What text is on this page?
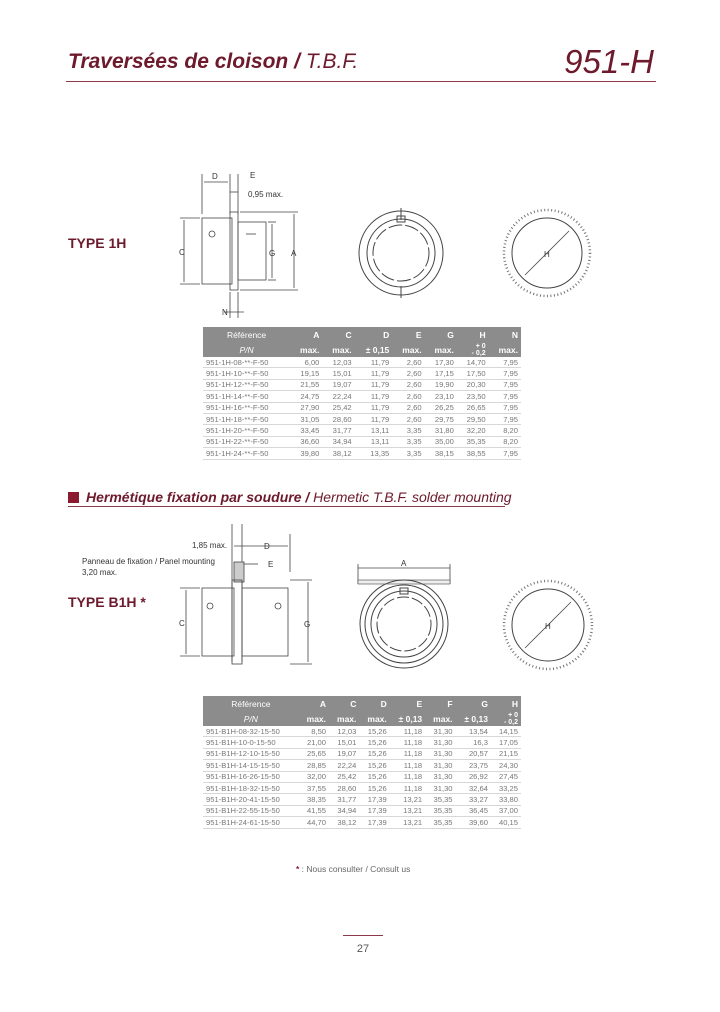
Traversées de cloison / T.B.F.	951-H
TYPE 1H
D	E
0,95 max.
C	G A
N
H
Référence	A	C	D	E	G	H	N
P/N	max.	max.	± 0,15	max.	max.	+ 0
- 0,2	max.
951-1H-08-**-F-50	6,00	12,03	11,79	2,60	17,30	14,70	7,95
951-1H-10-**-F-50	19,15	15,01	11,79	2,60	17,15	17,50	7,95
951-1H-12-**-F-50	21,55	19,07	11,79	2,60	19,90	20,30	7,95
951-1H-14-**-F-50	24,75	22,24	11,79	2,60	23,10	23,50	7,95
951-1H-16-**-F-50	27,90	25,42	11,79	2,60	26,25	26,65	7,95
951-1H-18-**-F-50	31,05	28,60	11,79	2,60	29,75	29,50	7,95
951-1H-20-**-F-50	33,45	31,77	13,11	3,35	31,80	32,20	8,20
951-1H-22-**-F-50	36,60	34,94	13,11	3,35	35,00	35,35	8,20
951-1H-24-**-F-50	39,80	38,12	13,35	3,35	38,15	38,55	7,95
Hermétique fixation par soudure / Hermetic T.B.F. solder mounting
TYPE B1H *
1,85 max.	D
Panneau de fixation / Panel mounting
3,20 max.
E
C	G
A
H
Référence	A	C	D	E	F	G	H
P/N	max.	max.	max.	± 0,13	max.	± 0,13	+ 0
- 0,2
951-B1H-08-32-15-50	8,50	12,03	15,26	11,18	31,30	13,54	14,15
951-B1H-10-0-15-50	21,00	15,01	15,26	11,18	31,30	16,3	17,05
951-B1H-12-10-15-50	25,65	19,07	15,26	11,18	31,30	20,57	21,15
951-B1H-14-15-15-50	28,85	22,24	15,26	11,18	31,30	23,75	24,30
951-B1H-16-26-15-50	32,00	25,42	15,26	11,18	31,30	26,92	27,45
951-B1H-18-32-15-50	37,55	28,60	15,26	11,18	31,30	32,64	33,25
951-B1H-20-41-15-50	38,35	31,77	17,39	13,21	35,35	33,27	33,80
951-B1H-22-55-15-50	41,55	34,94	17,39	13,21	35,35	36,45	37,00
951-B1H-24-61-15-50	44,70	38,12	17,39	13,21	35,35	39,60	40,15
* : Nous consulter / Consult us
27
